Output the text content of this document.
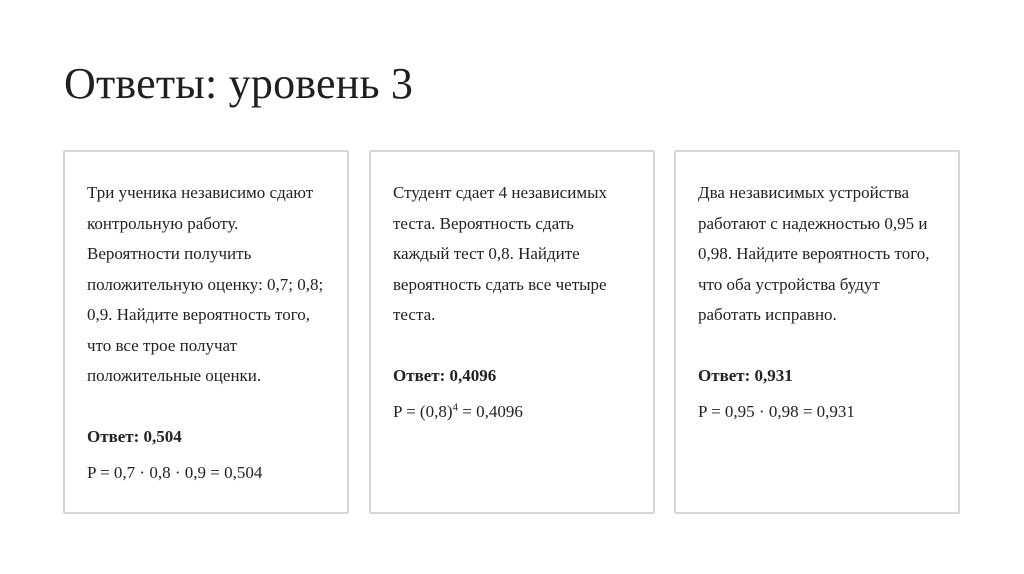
Ответы: уровень 3

Три ученика независимо сдают контрольную работу. Вероятности получить положительную оценку: 0,7; 0,8; 0,9. Найдите вероятность того, что все трое получат положительные оценки.

Ответ: 0,504

P = 0,7 · 0,8 · 0,9 = 0,504

Студент сдает 4 независимых теста. Вероятность сдать каждый тест 0,8. Найдите вероятность сдать все четыре теста.

Ответ: 0,4096

$P = (0,8)^4 = 0,4096$

Два независимых устройства работают с надежностью 0,95 и 0,98. Найдите вероятность того, что оба устройства будут работать исправно.

Ответ: 0,931

P = 0,95 · 0,98 = 0,931
